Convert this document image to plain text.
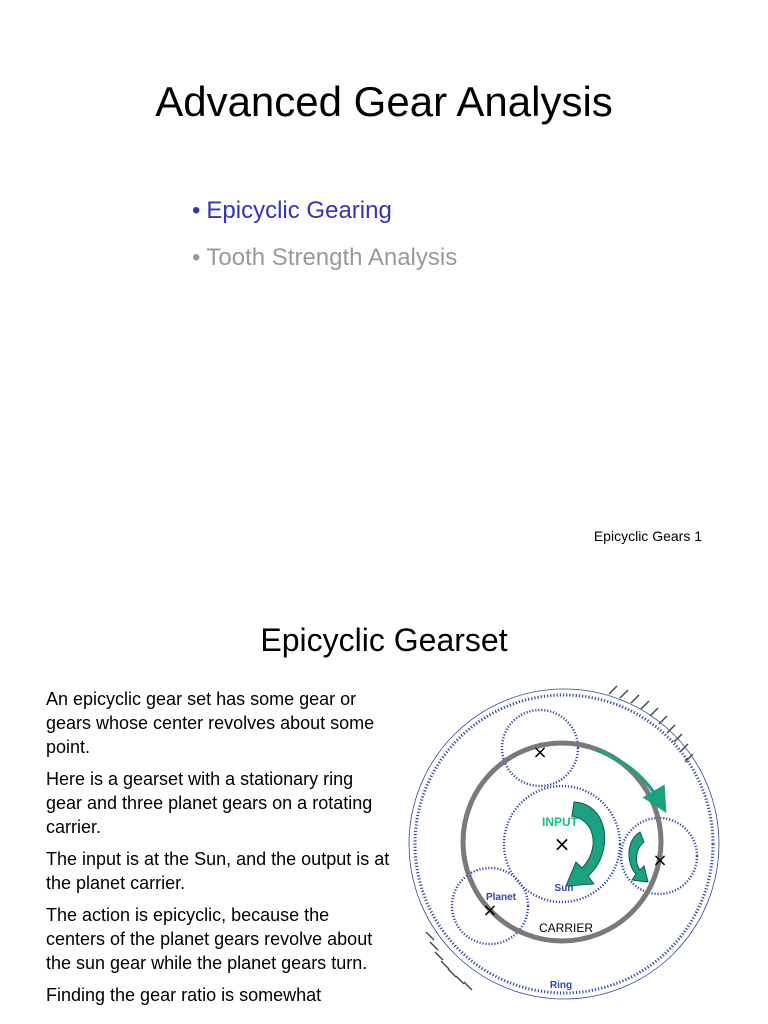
Advanced Gear Analysis
• Epicyclic Gearing
• Tooth Strength Analysis
Epicyclic Gears 1
Epicyclic Gearset

An epicyclic gear set has some gear or gears whose center revolves about some point.

Here is a gearset with a stationary ring gear and three planet gears on a rotating carrier.

The input is at the Sun, and the output is at the planet carrier.

The action is epicyclic, because the centers of the planet gears revolve about the sun gear while the planet gears turn.

Finding the gear ratio is somewhat

×
×
×
×
INPUT
Sun
Planet
CARRIER
Ring
